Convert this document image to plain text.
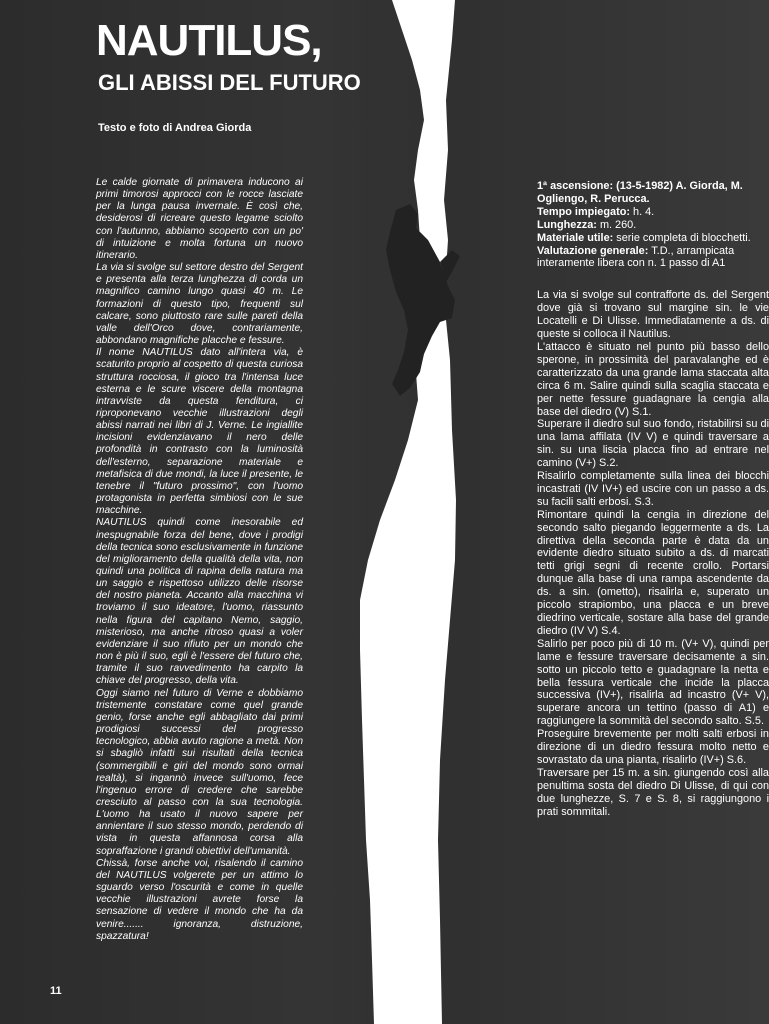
NAUTILUS,
GLI ABISSI DEL FUTURO
Testo e foto di Andrea Giorda

Le calde giornate di primavera inducono ai primi timorosi approcci con le rocce lasciate per la lunga pausa invernale. È così che, desiderosi di ricreare questo legame sciolto con l'autunno, abbiamo scoperto con un po' di intuizione e molta fortuna un nuovo itinerario.

La via si svolge sul settore destro del Sergent e presenta alla terza lunghezza di corda un magnifico camino lungo quasi 40 m. Le formazioni di questo tipo, frequenti sul calcare, sono piuttosto rare sulle pareti della valle dell'Orco dove, contrariamente, abbondano magnifiche placche e fessure.

Il nome NAUTILUS dato all'intera via, è scaturito proprio al cospetto di questa curiosa struttura rocciosa, il gioco tra l'intensa luce esterna e le scure viscere della montagna intravviste da questa fenditura, ci riproponevano vecchie illustrazioni degli abissi narrati nei libri di J. Verne. Le ingiallite incisioni evidenziavano il nero delle profondità in contrasto con la luminosità dell'esterno, separazione materiale e metafisica di due mondi, la luce il presente, le tenebre il "futuro prossimo", con l'uomo protagonista in perfetta simbiosi con le sue macchine.

NAUTILUS quindi come inesorabile ed inespugnabile forza del bene, dove i prodigi della tecnica sono esclusivamente in funzione del miglioramento della qualità della vita, non quindi una politica di rapina della natura ma un saggio e rispettoso utilizzo delle risorse del nostro pianeta. Accanto alla macchina vi troviamo il suo ideatore, l'uomo, riassunto nella figura del capitano Nemo, saggio, misterioso, ma anche ritroso quasi a voler evidenziare il suo rifiuto per un mondo che non è più il suo, egli è l'essere del futuro che, tramite il suo ravvedimento ha carpito la chiave del progresso, della vita.

Oggi siamo nel futuro di Verne e dobbiamo tristemente constatare come quel grande genio, forse anche egli abbagliato dai primi prodigiosi successi del progresso tecnologico, abbia avuto ragione a metà. Non si sbagliò infatti sui risultati della tecnica (sommergibili e giri del mondo sono ormai realtà), si ingannò invece sull'uomo, fece l'ingenuo errore di credere che sarebbe cresciuto al passo con la sua tecnologia. L'uomo ha usato il nuovo sapere per annientare il suo stesso mondo, perdendo di vista in questa affannosa corsa alla sopraffazione i grandi obiettivi dell'umanità.

Chissà, forse anche voi, risalendo il camino del NAUTILUS volgerete per un attimo lo sguardo verso l'oscurità e come in quelle vecchie illustrazioni avrete forse la sensazione di vedere il mondo che ha da venire....... ignoranza, distruzione, spazzatura!

1ª ascensione: (13-5-1982) A. Giorda, M. Ogliengo, R. Perucca.

Tempo impiegato: h. 4.

Lunghezza: m. 260.

Materiale utile: serie completa di blocchetti.

Valutazione generale: T.D., arrampicata interamente libera con n. 1 passo di A1

La via si svolge sul contrafforte ds. del Sergent dove già si trovano sul margine sin. le vie Locatelli e Di Ulisse. Immediatamente a ds. di queste si colloca il Nautilus.

L'attacco è situato nel punto più basso dello sperone, in prossimità del paravalanghe ed è caratterizzato da una grande lama staccata alta circa 6 m. Salire quindi sulla scaglia staccata e per nette fessure guadagnare la cengia alla base del diedro (V) S.1.

Superare il diedro sul suo fondo, ristabilirsi su di una lama affilata (IV V) e quindi traversare a sin. su una liscia placca fino ad entrare nel camino (V+) S.2.

Risalirlo completamente sulla linea dei blocchi incastrati (IV IV+) ed uscire con un passo a ds. su facili salti erbosi. S.3.

Rimontare quindi la cengia in direzione del secondo salto piegando leggermente a ds. La direttiva della seconda parte è data da un evidente diedro situato subito a ds. di marcati tetti grigi segni di recente crollo. Portarsi dunque alla base di una rampa ascendente da ds. a sin. (ometto), risalirla e, superato un piccolo strapiombo, una placca e un breve diedrino verticale, sostare alla base del grande diedro (IV V) S.4.

Salirlo per poco più di 10 m. (V+ V), quindi per lame e fessure traversare decisamente a sin. sotto un piccolo tetto e guadagnare la netta e bella fessura verticale che incide la placca successiva (IV+), risalirla ad incastro (V+ V), superare ancora un tettino (passo di A1) e raggiungere la sommità del secondo salto. S.5.

Proseguire brevemente per molti salti erbosi in direzione di un diedro fessura molto netto e sovrastato da una pianta, risalirlo (IV+) S.6.

Traversare per 15 m. a sin. giungendo così alla penultima sosta del diedro Di Ulisse, di qui con due lunghezze, S. 7 e S. 8, si raggiungono i prati sommitali.

11
